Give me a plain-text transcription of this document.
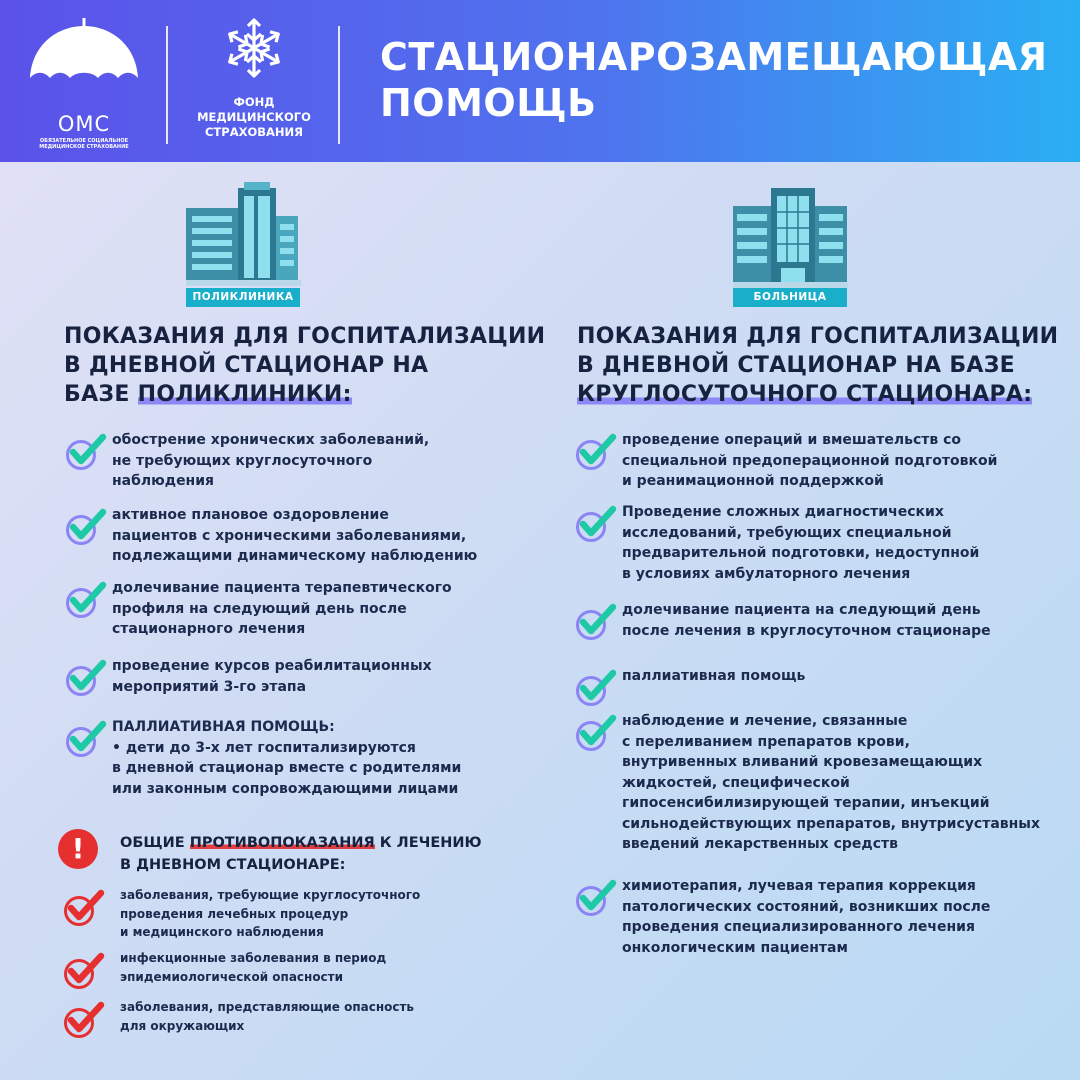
ОМС
ОБЯЗАТЕЛЬНОЕ СОЦИАЛЬНОЕ МЕДИЦИНСКОЕ СТРАХОВАНИЕ
ФОНД
МЕДИЦИНСКОГО
СТРАХОВАНИЯ
СТАЦИОНАРОЗАМЕЩАЮЩАЯ
ПОМОЩЬ
ПОЛИКЛИНИКА	БОЛЬНИЦА
ПОКАЗАНИЯ ДЛЯ ГОСПИТАЛИЗАЦИИ
В ДНЕВНОЙ СТАЦИОНАР НА
БАЗЕ ПОЛИКЛИНИКИ:
ПОКАЗАНИЯ ДЛЯ ГОСПИТАЛИЗАЦИИ
В ДНЕВНОЙ СТАЦИОНАР НА БАЗЕ
КРУГЛОСУТОЧНОГО СТАЦИОНАРА:
обострение хронических заболеваний,
не требующих круглосуточного
наблюдения
активное плановое оздоровление
пациентов с хроническими заболеваниями,
подлежащими динамическому наблюдению
долечивание пациента терапевтического
профиля на следующий день после
стационарного лечения
проведение курсов реабилитационных
мероприятий 3-го этапа
ПАЛЛИАТИВНАЯ ПОМОЩЬ:
• дети до 3-х лет госпитализируются
в дневной стационар вместе с родителями
или законным сопровождающими лицами
!	ОБЩИЕ ПРОТИВОПОКАЗАНИЯ К ЛЕЧЕНИЮ
В ДНЕВНОМ СТАЦИОНАРЕ:
заболевания, требующие круглосуточного
проведения лечебных процедур
и медицинского наблюдения
инфекционные заболевания в период
эпидемиологической опасности
заболевания, представляющие опасность
для окружающих
проведение операций и вмешательств со
специальной предоперационной подготовкой
и реанимационной поддержкой
Проведение сложных диагностических
исследований, требующих специальной
предварительной подготовки, недоступной
в условиях амбулаторного лечения
долечивание пациента на следующий день
после лечения в круглосуточном стационаре
паллиативная помощь
наблюдение и лечение, связанные
с переливанием препаратов крови,
внутривенных вливаний кровезамещающих
жидкостей, специфической
гипосенсибилизирующей терапии, инъекций
сильнодействующих препаратов, внутрисуставных
введений лекарственных средств
химиотерапия, лучевая терапия коррекция
патологических состояний, возникших после
проведения специализированного лечения
онкологическим пациентам
